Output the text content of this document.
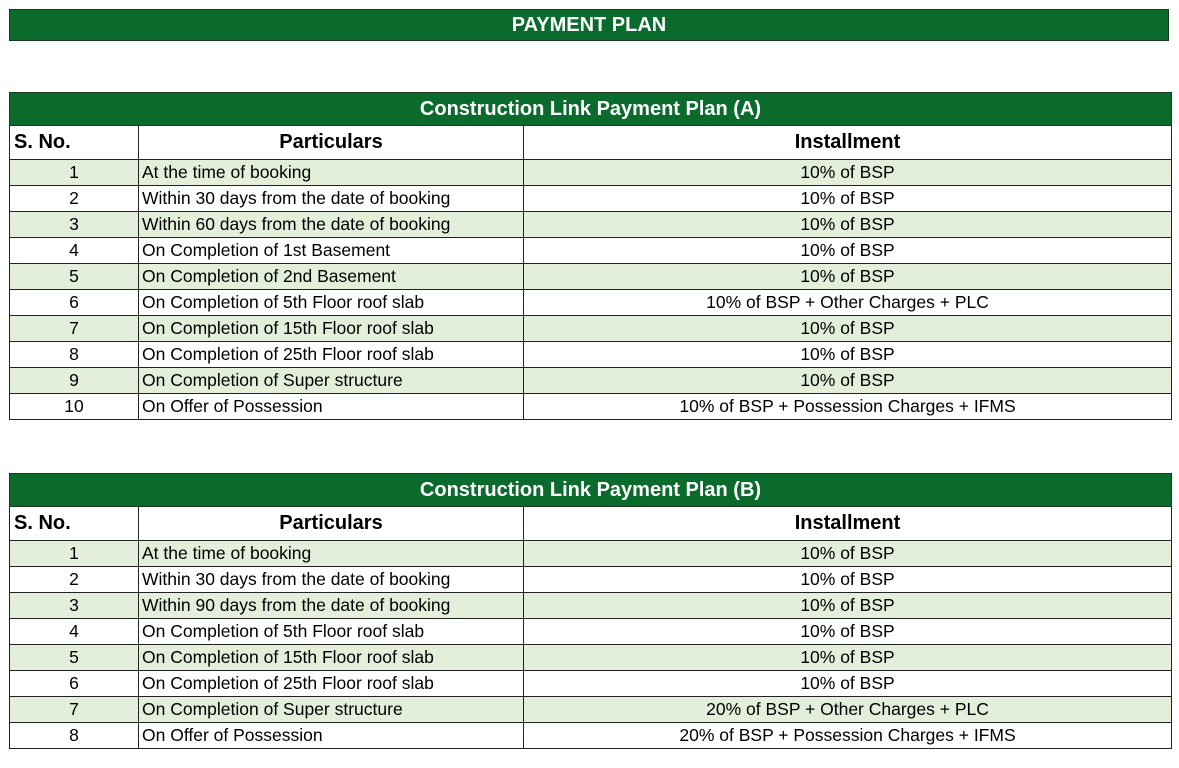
PAYMENT PLAN
Construction Link Payment Plan (A)		
S. No.	Particulars	Installment
1	At the time of booking	10% of BSP
2	Within 30 days from the date of booking	10% of BSP
3	Within 60 days from the date of booking	10% of BSP
4	On Completion of 1st Basement	10% of BSP
5	On Completion of 2nd Basement	10% of BSP
6	On Completion of 5th Floor roof slab	10% of BSP + Other Charges + PLC
7	On Completion of 15th Floor roof slab	10% of BSP
8	On Completion of 25th Floor roof slab	10% of BSP
9	On Completion of Super structure	10% of BSP
10	On Offer of Possession	10% of BSP + Possession Charges + IFMS
Construction Link Payment Plan (B)		
S. No.	Particulars	Installment
1	At the time of booking	10% of BSP
2	Within 30 days from the date of booking	10% of BSP
3	Within 90 days from the date of booking	10% of BSP
4	On Completion of 5th Floor roof slab	10% of BSP
5	On Completion of 15th Floor roof slab	10% of BSP
6	On Completion of 25th Floor roof slab	10% of BSP
7	On Completion of Super structure	20% of BSP + Other Charges + PLC
8	On Offer of Possession	20% of BSP + Possession Charges + IFMS
